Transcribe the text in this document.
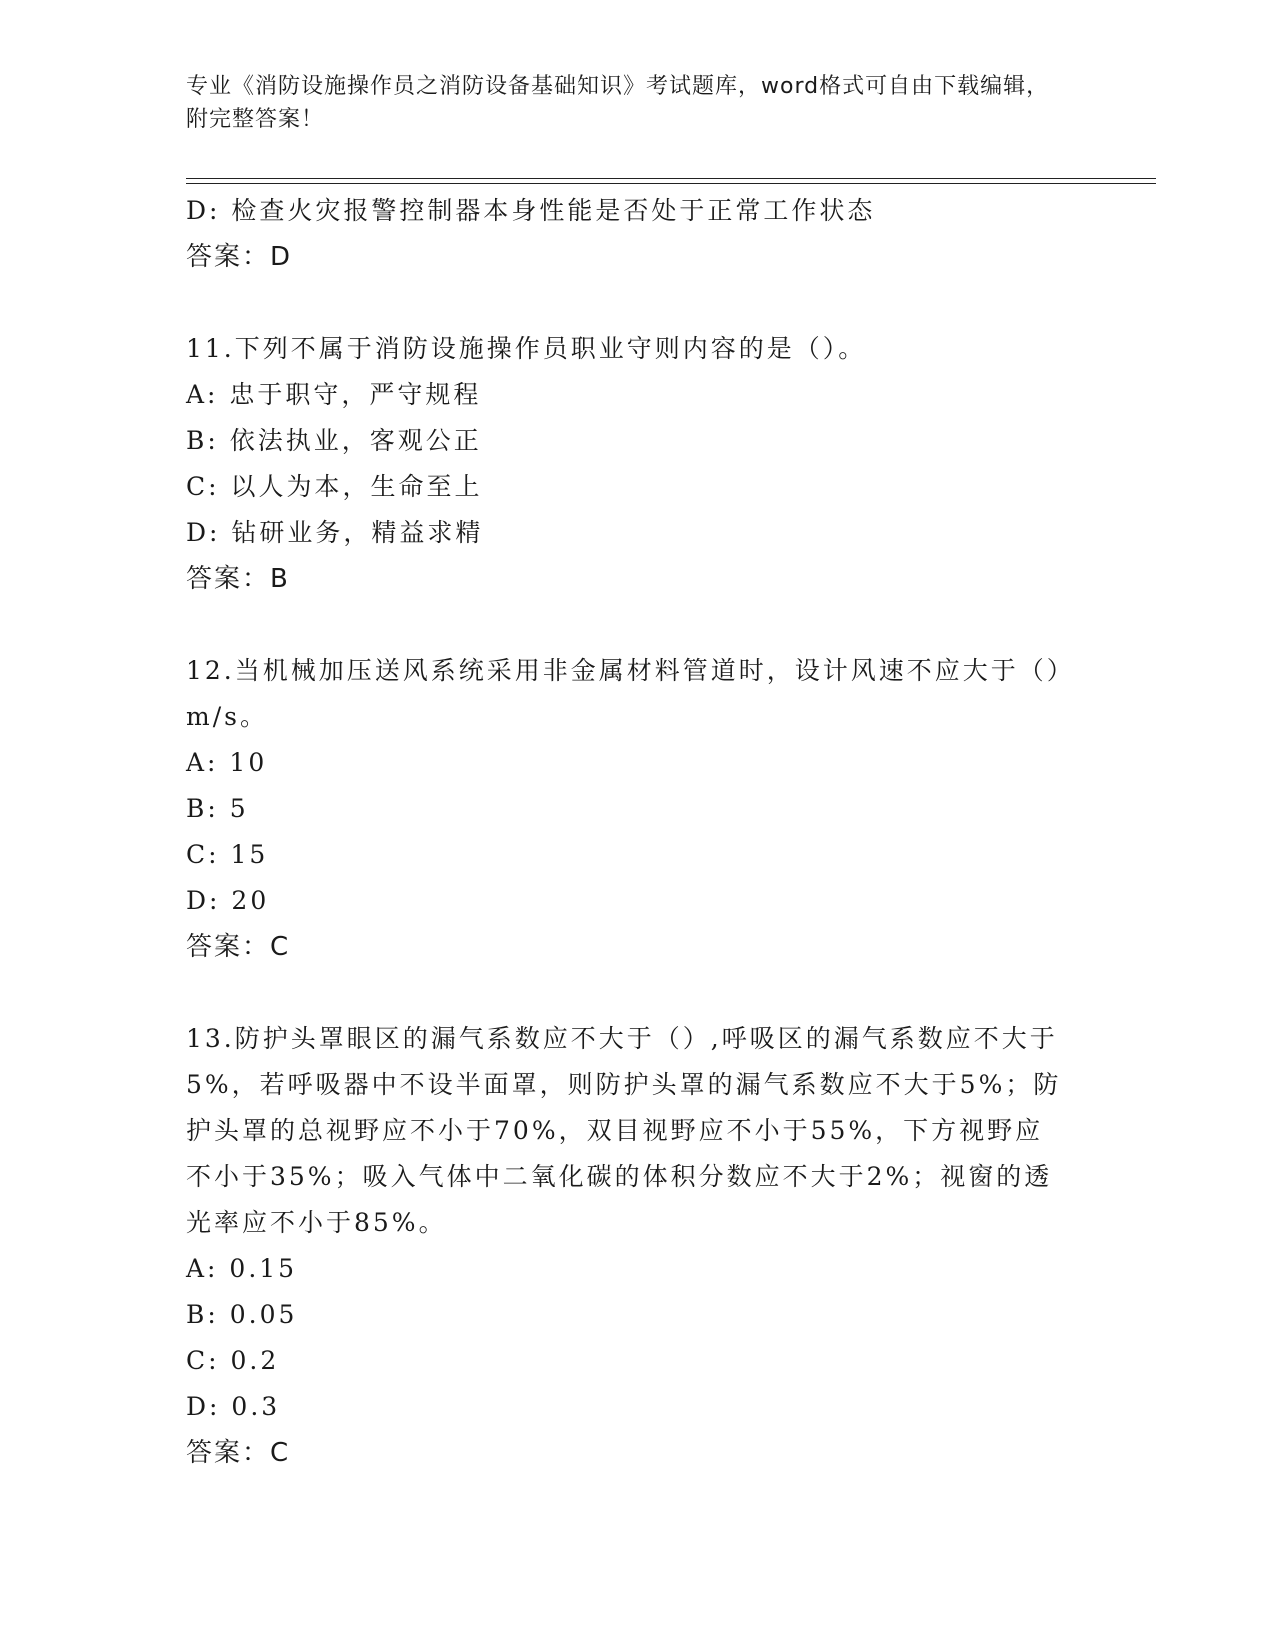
专业《消防设施操作员之消防设备基础知识》考试题库，word格式可自由下载编辑，附完整答案！
D: 检查火灾报警控制器本身性能是否处于正常工作状态
答案：D
11.下列不属于消防设施操作员职业守则内容的是（）。
A: 忠于职守，严守规程
B: 依法执业，客观公正
C: 以人为本，生命至上
D: 钻研业务，精益求精
答案：B
12.当机械加压送风系统采用非金属材料管道时，设计风速不应大于（）m/s。
A: 10
B: 5
C: 15
D: 20
答案：C
13.防护头罩眼区的漏气系数应不大于（）,呼吸区的漏气系数应不大于5%，若呼吸器中不设半面罩，则防护头罩的漏气系数应不大于5%；防护头罩的总视野应不小于70%，双目视野应不小于55%，下方视野应不小于35%；吸入气体中二氧化碳的体积分数应不大于2%；视窗的透光率应不小于85%。
A: 0.15
B: 0.05
C: 0.2
D: 0.3
答案：C
